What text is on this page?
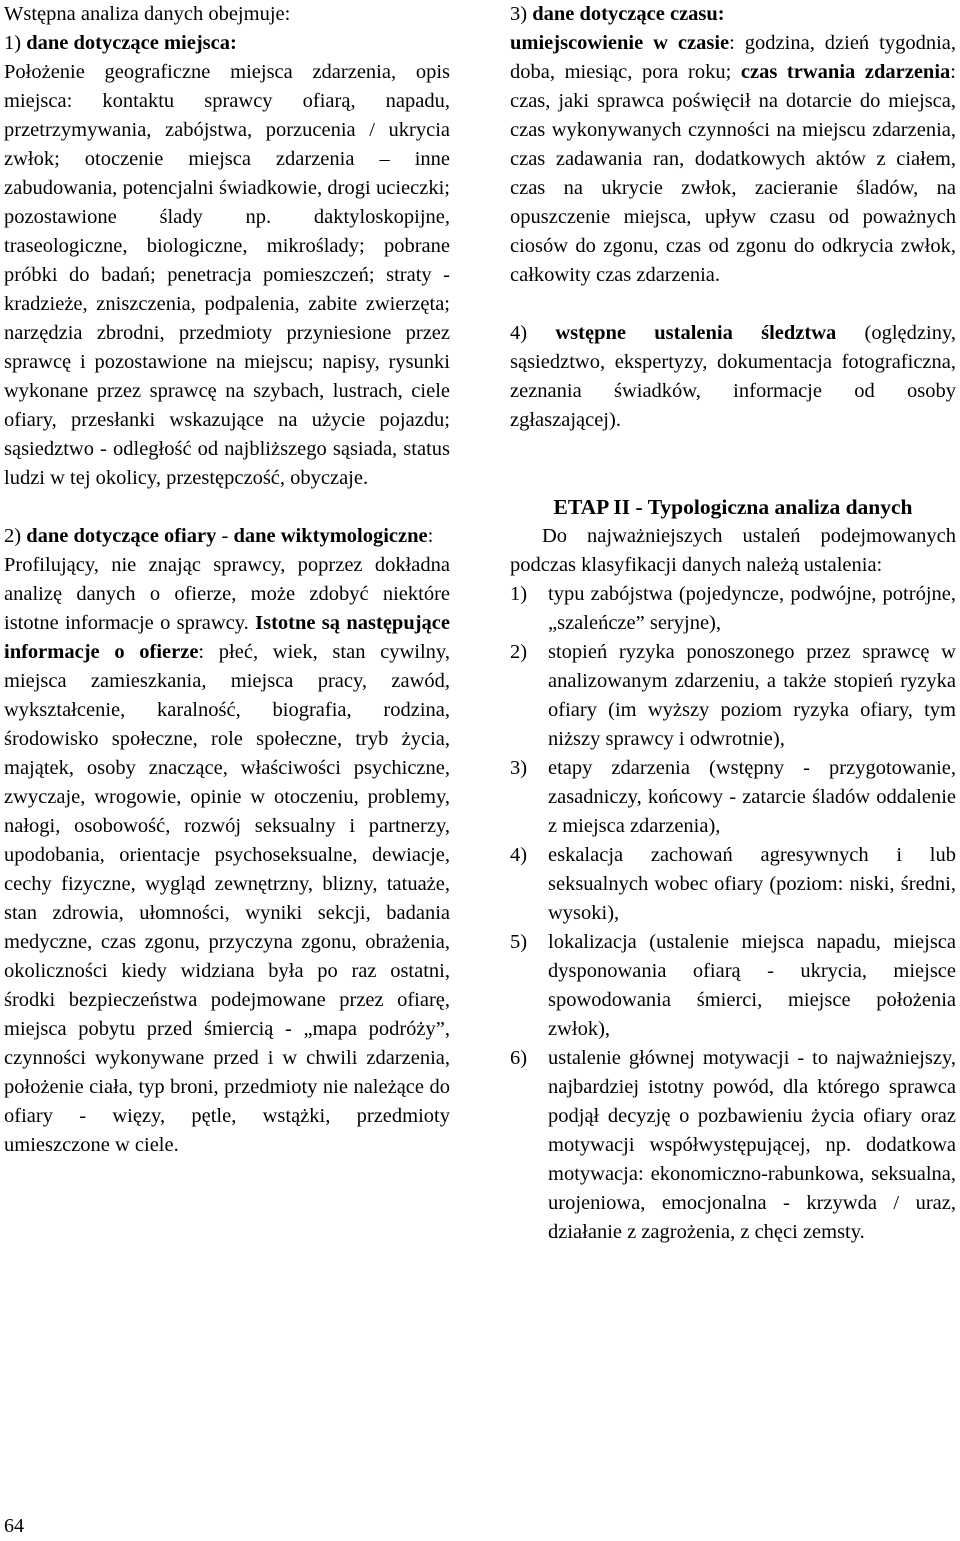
Wstępna analiza danych obejmuje:

1) dane dotyczące miejsca:

Położenie geograficzne miejsca zdarzenia, opis miejsca: kontaktu sprawcy ofiarą, napadu, przetrzymywania, zabójstwa, porzucenia / ukrycia zwłok; otoczenie miejsca zdarzenia – inne zabudowania, potencjalni świadkowie, drogi ucieczki; pozostawione ślady np. daktyloskopijne, traseologiczne, biologiczne, mikroślady; pobrane próbki do badań; penetracja pomieszczeń; straty - kradzieże, zniszczenia, podpalenia, zabite zwierzęta; narzędzia zbrodni, przedmioty przyniesione przez sprawcę i pozostawione na miejscu; napisy, rysunki wykonane przez sprawcę na szybach, lustrach, ciele ofiary, przesłanki wskazujące na użycie pojazdu; sąsiedztwo - odległość od najbliższego sąsiada, status ludzi w tej okolicy, przestępczość, obyczaje.

2) dane dotyczące ofiary - dane wiktymologiczne:

Profilujący, nie znając sprawcy, poprzez dokładna analizę danych o ofierze, może zdobyć niektóre istotne informacje o sprawcy. Istotne są następujące informacje o ofierze: płeć, wiek, stan cywilny, miejsca zamieszkania, miejsca pracy, zawód, wykształcenie, karalność, biografia, rodzina, środowisko społeczne, role społeczne, tryb życia, majątek, osoby znaczące, właściwości psychiczne, zwyczaje, wrogowie, opinie w otoczeniu, problemy, nałogi, osobowość, rozwój seksualny i partnerzy, upodobania, orientacje psychoseksualne, dewiacje, cechy fizyczne, wygląd zewnętrzny, blizny, tatuaże, stan zdrowia, ułomności, wyniki sekcji, badania medyczne, czas zgonu, przyczyna zgonu, obrażenia, okoliczności kiedy widziana była po raz ostatni, środki bezpieczeństwa podejmowane przez ofiarę, miejsca pobytu przed śmiercią - „mapa podróży”, czynności wykonywane przed i w chwili zdarzenia, położenie ciała, typ broni, przedmioty nie należące do ofiary - więzy, pętle, wstążki, przedmioty umieszczone w ciele.

3) dane dotyczące czasu:
umiejscowienie w czasie: godzina, dzień tygodnia, doba, miesiąc, pora roku; czas trwania zdarzenia: czas, jaki sprawca poświęcił na dotarcie do miejsca, czas wykonywanych czynności na miejscu zdarzenia, czas zadawania ran, dodatkowych aktów z ciałem, czas na ukrycie zwłok, zacieranie śladów, na opuszczenie miejsca, upływ czasu od poważnych ciosów do zgonu, czas od zgonu do odkrycia zwłok, całkowity czas zdarzenia.

4) wstępne ustalenia śledztwa (oględziny, sąsiedztwo, ekspertyzy, dokumentacja fotograficzna, zeznania świadków, informacje od osoby zgłaszającej).

ETAP II - Typologiczna analiza danych

Do najważniejszych ustaleń podejmowanych podczas klasyfikacji danych należą ustalenia:

1) typu zabójstwa (pojedyncze, podwójne, potrójne, „szaleńcze” seryjne),
2) stopień ryzyka ponoszonego przez sprawcę w analizowanym zdarzeniu, a także stopień ryzyka ofiary (im wyższy poziom ryzyka ofiary, tym niższy sprawcy i odwrotnie),
3) etapy zdarzenia (wstępny - przygotowanie, zasadniczy, końcowy - zatarcie śladów oddalenie z miejsca zdarzenia),
4) eskalacja zachowań agresywnych i lub seksualnych wobec ofiary (poziom: niski, średni, wysoki),
5) lokalizacja (ustalenie miejsca napadu, miejsca dysponowania ofiarą - ukrycia, miejsce spowodowania śmierci, miejsce położenia zwłok),
6) ustalenie głównej motywacji - to najważniejszy, najbardziej istotny powód, dla którego sprawca podjął decyzję o pozbawieniu życia ofiary oraz motywacji współwystępującej, np. dodatkowa motywacja: ekonomiczno-rabunkowa, seksualna, urojeniowa, emocjonalna - krzywda / uraz, działanie z zagrożenia, z chęci zemsty.
64
